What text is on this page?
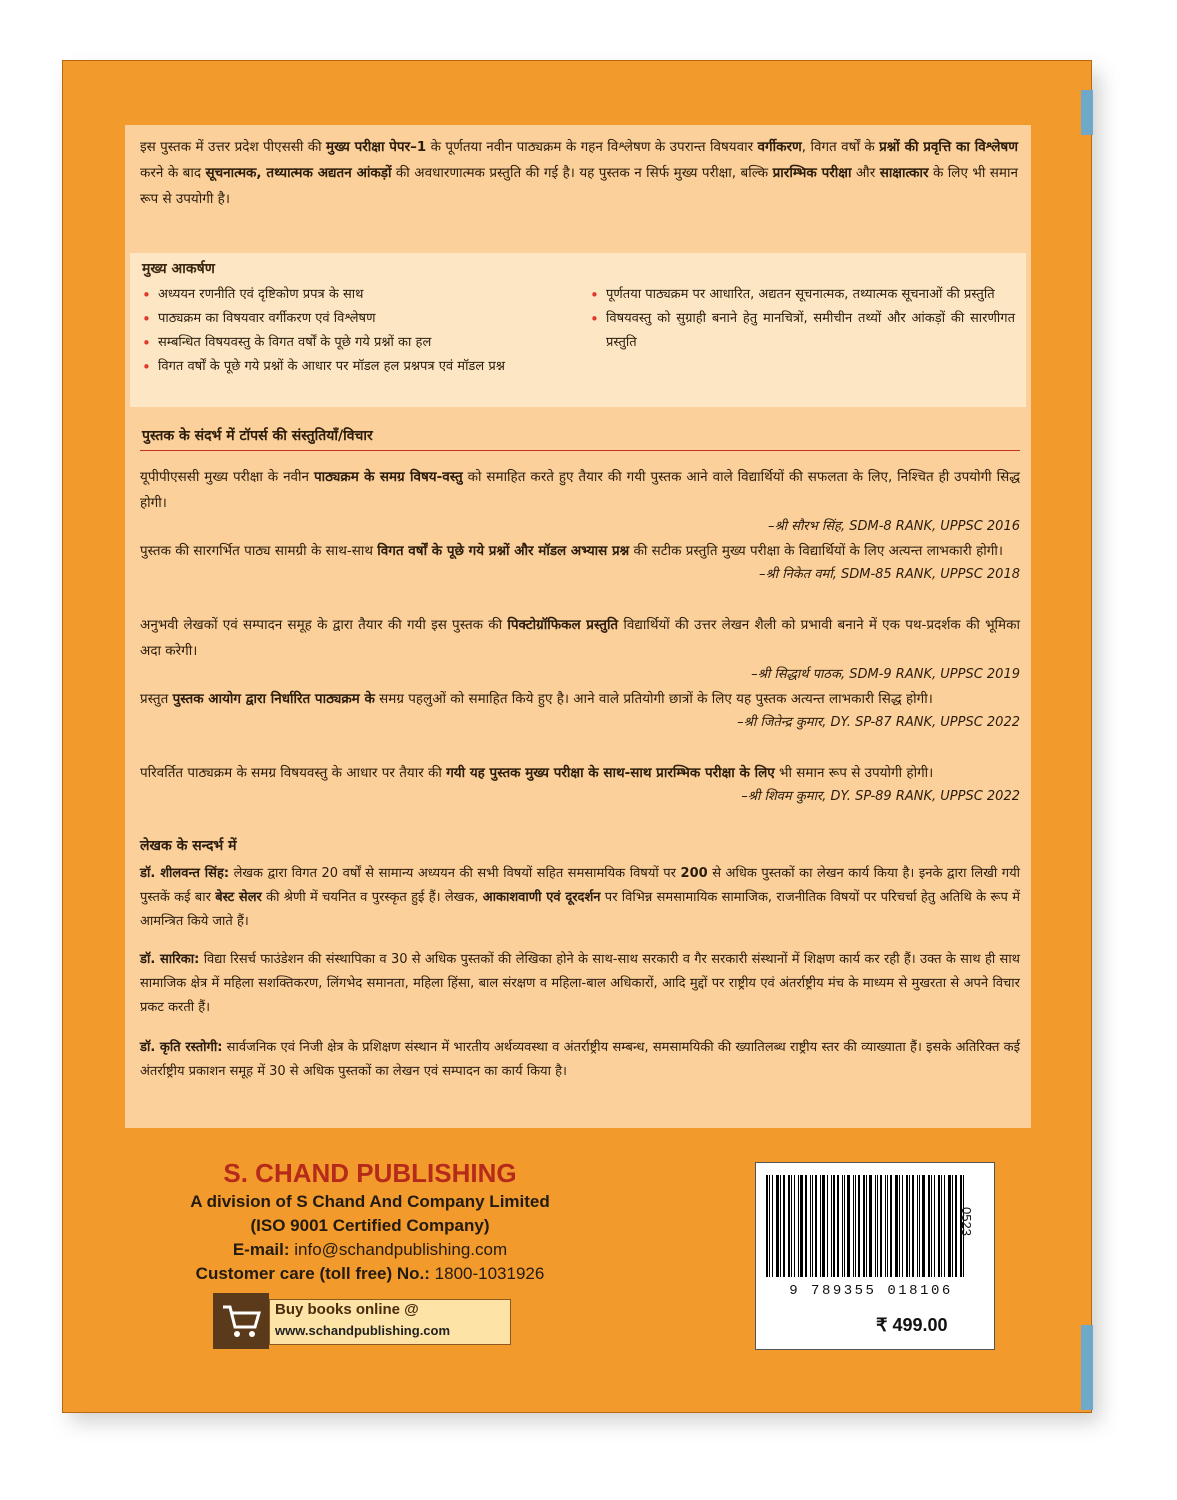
इस पुस्तक में उत्तर प्रदेश पीएससी की मुख्य परीक्षा पेपर–1 के पूर्णतया नवीन पाठ्यक्रम के गहन विश्लेषण के उपरान्त विषयवार वर्गीकरण, विगत वर्षों के प्रश्नों की प्रवृत्ति का विश्लेषण करने के बाद सूचनात्मक, तथ्यात्मक अद्यतन आंकड़ों की अवधारणात्मक प्रस्तुति की गई है। यह पुस्तक न सिर्फ मुख्य परीक्षा, बल्कि प्रारम्भिक परीक्षा और साक्षात्कार के लिए भी समान रूप से उपयोगी है।
मुख्य आकर्षण
• अध्ययन रणनीति एवं दृष्टिकोण प्रपत्र के साथ
• पाठ्यक्रम का विषयवार वर्गीकरण एवं विश्लेषण
• सम्बन्धित विषयवस्तु के विगत वर्षों के पूछे गये प्रश्नों का हल
• विगत वर्षों के पूछे गये प्रश्नों के आधार पर मॉडल हल प्रश्नपत्र एवं मॉडल प्रश्न
• पूर्णतया पाठ्यक्रम पर आधारित, अद्यतन सूचनात्मक, तथ्यात्मक सूचनाओं की प्रस्तुति
• विषयवस्तु को सुग्राही बनाने हेतु मानचित्रों, समीचीन तथ्यों और आंकड़ों की सारणीगत प्रस्तुति
पुस्तक के संदर्भ में टॉपर्स की संस्तुतियाँ/विचार

यूपीपीएससी मुख्य परीक्षा के नवीन पाठ्यक्रम के समग्र विषय-वस्तु को समाहित करते हुए तैयार की गयी पुस्तक आने वाले विद्यार्थियों की सफलता के लिए, निश्चित ही उपयोगी सिद्ध होगी।

–श्री सौरभ सिंह, SDM-8 RANK, UPPSC 2016

पुस्तक की सारगर्भित पाठ्य सामग्री के साथ-साथ विगत वर्षों के पूछे गये प्रश्नों और मॉडल अभ्यास प्रश्न की सटीक प्रस्तुति मुख्य परीक्षा के विद्यार्थियों के लिए अत्यन्त लाभकारी होगी।

–श्री निकेत वर्मा, SDM-85 RANK, UPPSC 2018

अनुभवी लेखकों एवं सम्पादन समूह के द्वारा तैयार की गयी इस पुस्तक की पिक्टोग्रॉफिकल प्रस्तुति विद्यार्थियों की उत्तर लेखन शैली को प्रभावी बनाने में एक पथ-प्रदर्शक की भूमिका अदा करेगी।

–श्री सिद्धार्थ पाठक, SDM-9 RANK, UPPSC 2019

प्रस्तुत पुस्तक आयोग द्वारा निर्धारित पाठ्यक्रम के समग्र पहलुओं को समाहित किये हुए है। आने वाले प्रतियोगी छात्रों के लिए यह पुस्तक अत्यन्त लाभकारी सिद्ध होगी।

–श्री जितेन्द्र कुमार, DY. SP-87 RANK, UPPSC 2022

परिवर्तित पाठ्यक्रम के समग्र विषयवस्तु के आधार पर तैयार की गयी यह पुस्तक मुख्य परीक्षा के साथ-साथ प्रारम्भिक परीक्षा के लिए भी समान रूप से उपयोगी होगी।

–श्री शिवम कुमार, DY. SP-89 RANK, UPPSC 2022
लेखक के सन्दर्भ में
डॉ. शीलवन्त सिंह: लेखक द्वारा विगत 20 वर्षों से सामान्य अध्ययन की सभी विषयों सहित समसामयिक विषयों पर 200 से अधिक पुस्तकों का लेखन कार्य किया है। इनके द्वारा लिखी गयी पुस्तकें कई बार बेस्ट सेलर की श्रेणी में चयनित व पुरस्कृत हुई हैं। लेखक, आकाशवाणी एवं दूरदर्शन पर विभिन्न समसामायिक सामाजिक, राजनीतिक विषयों पर परिचर्चा हेतु अतिथि के रूप में आमन्त्रित किये जाते हैं।
डॉ. सारिका: विद्या रिसर्च फाउंडेशन की संस्थापिका व 30 से अधिक पुस्तकों की लेखिका होने के साथ-साथ सरकारी व गैर सरकारी संस्थानों में शिक्षण कार्य कर रही हैं। उक्त के साथ ही साथ सामाजिक क्षेत्र में महिला सशक्तिकरण, लिंगभेद समानता, महिला हिंसा, बाल संरक्षण व महिला-बाल अधिकारों, आदि मुद्दों पर राष्ट्रीय एवं अंतर्राष्ट्रीय मंच के माध्यम से मुखरता से अपने विचार प्रकट करती हैं।
डॉ. कृति रस्तोगी: सार्वजनिक एवं निजी क्षेत्र के प्रशिक्षण संस्थान में भारतीय अर्थव्यवस्था व अंतर्राष्ट्रीय सम्बन्ध, समसामयिकी की ख्यातिलब्ध राष्ट्रीय स्तर की व्याख्याता हैं। इसके अतिरिक्त कई अंतर्राष्ट्रीय प्रकाशन समूह में 30 से अधिक पुस्तकों का लेखन एवं सम्पादन का कार्य किया है।
S. CHAND PUBLISHING
A division of S Chand And Company Limited
(ISO 9001 Certified Company)
E-mail: info@schandpublishing.com
Customer care (toll free) No.: 1800-1031926
Buy books online @
www.schandpublishing.com
9 789355 018106
0523
₹ 499.00
